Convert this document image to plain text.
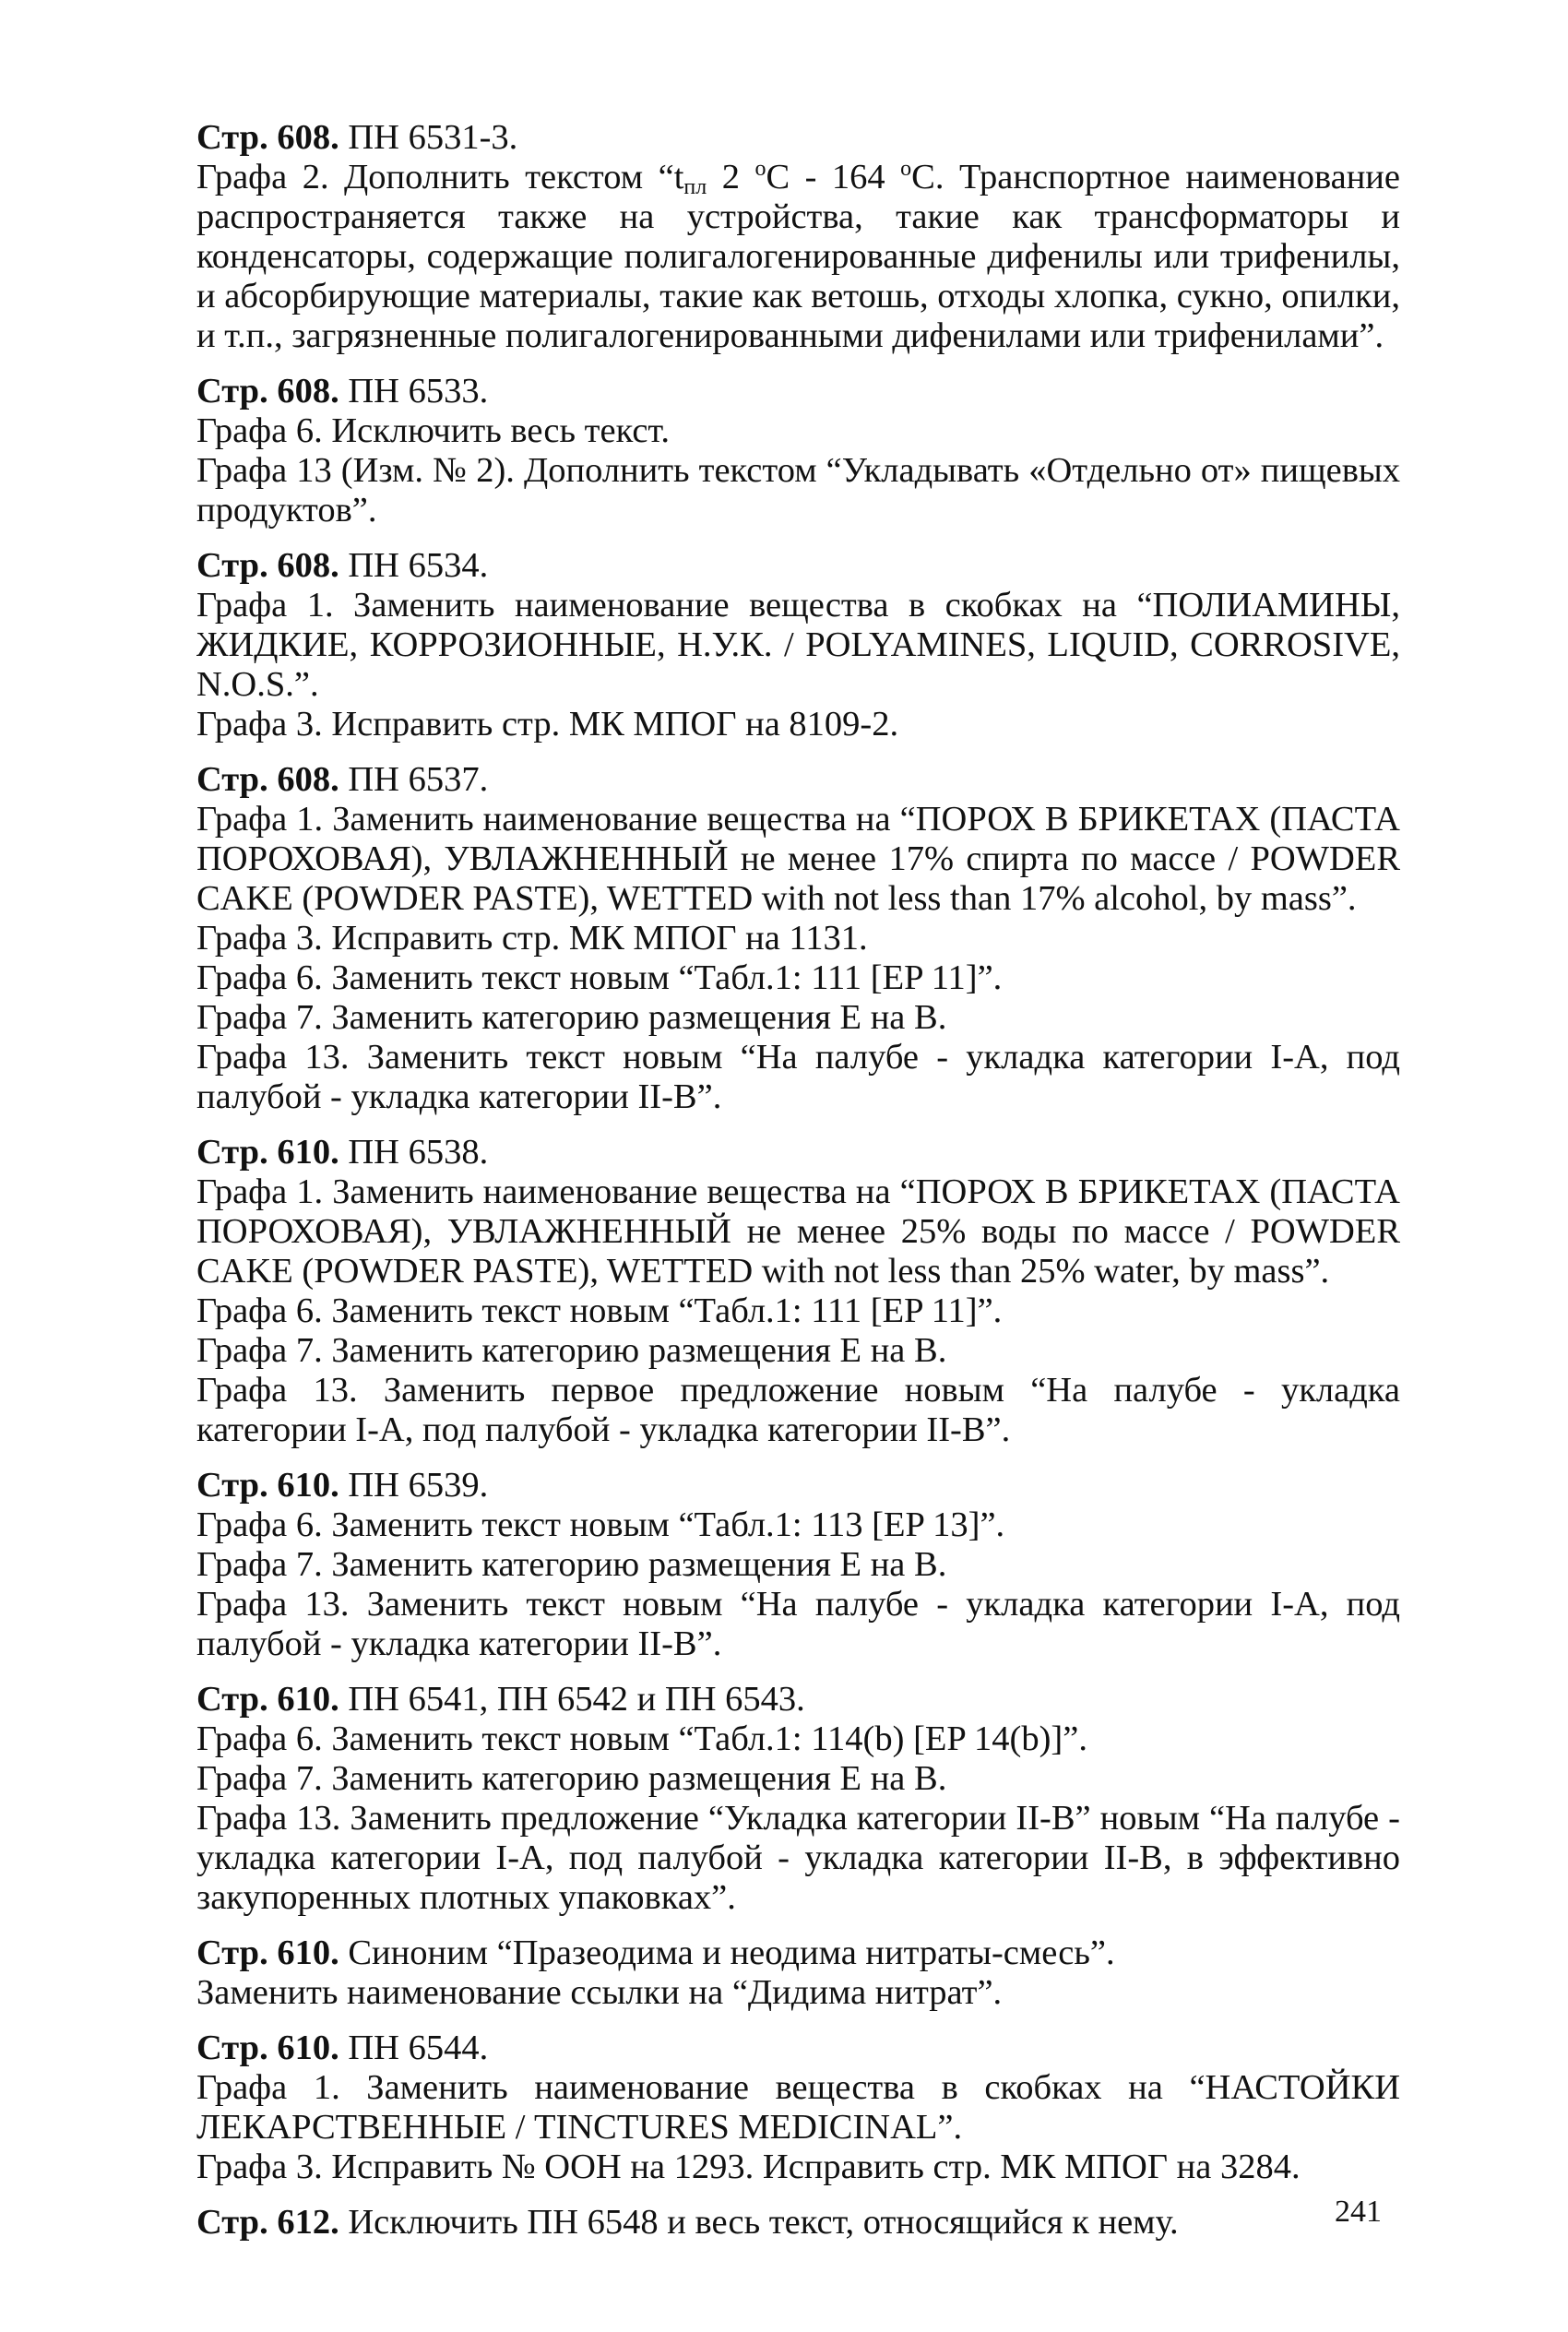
Стр. 608. ПН 6531-3.

Графа 2. Дополнить текстом “$t_{пл}$ 2 $^o$С - 164 $^o$С. Транспортное наименование распространяется также на устройства, такие как трансформаторы и конденсаторы, содержащие полигалогенированные дифенилы или трифенилы, и абсорбирующие материалы, такие как ветошь, отходы хлопка, сукно, опилки, и т.п., загрязненные полигалогенированными дифенилами или трифенилами”.

Стр. 608. ПН 6533.

Графа 6. Исключить весь текст.

Графа 13 (Изм. № 2). Дополнить текстом “Укладывать «Отдельно от» пищевых продуктов”.

Стр. 608. ПН 6534.

Графа 1. Заменить наименование вещества в скобках на “ПОЛИАМИНЫ, ЖИДКИЕ, КОРРОЗИОННЫЕ, Н.У.К. / POLYAMINES, LIQUID, CORROSIVE, N.O.S.”.

Графа 3. Исправить стр. МК МПОГ на 8109-2.

Стр. 608. ПН 6537.

Графа 1. Заменить наименование вещества на “ПОРОХ В БРИКЕТАХ (ПАСТА ПОРОХОВАЯ), УВЛАЖНЕННЫЙ не менее 17% спирта по массе / POWDER CAKE (POWDER PASTE), WETTED with not less than 17% alcohol, by mass”.

Графа 3. Исправить стр. МК МПОГ на 1131.

Графа 6. Заменить текст новым “Табл.1: 111 [EP 11]”.

Графа 7. Заменить категорию размещения Е на В.

Графа 13. Заменить текст новым “На палубе - укладка категории I-A, под палубой - укладка категории II-В”.

Стр. 610. ПН 6538.

Графа 1. Заменить наименование вещества на “ПОРОХ В БРИКЕТАХ (ПАСТА ПОРОХОВАЯ), УВЛАЖНЕННЫЙ не менее 25% воды по массе / POWDER CAKE (POWDER PASTE), WETTED with not less than 25% water, by mass”.

Графа 6. Заменить текст новым “Табл.1: 111 [EP 11]”.

Графа 7. Заменить категорию размещения Е на В.

Графа 13. Заменить первое предложение новым “На палубе - укладка категории I-A, под палубой - укладка категории II-В”.

Стр. 610. ПН 6539.

Графа 6. Заменить текст новым “Табл.1: 113 [EP 13]”.

Графа 7. Заменить категорию размещения Е на В.

Графа 13. Заменить текст новым “На палубе - укладка категории I-A, под палубой - укладка категории II-В”.

Стр. 610. ПН 6541, ПН 6542 и ПН 6543.

Графа 6. Заменить текст новым “Табл.1: 114(b) [EP 14(b)]”.

Графа 7. Заменить категорию размещения Е на В.

Графа 13. Заменить предложение “Укладка категории II-В” новым “На палубе - укладка категории I-A, под палубой - укладка категории II-В, в эффективно закупоренных плотных упаковках”.

Стр. 610. Синоним “Празеодима и неодима нитраты-смесь”.

Заменить наименование ссылки на “Дидима нитрат”.

Стр. 610. ПН 6544.

Графа 1. Заменить наименование вещества в скобках на “НАСТОЙКИ ЛЕКАРСТВЕННЫЕ / TINCTURES MEDICINAL”.

Графа 3. Исправить № ООН на 1293. Исправить стр. МК МПОГ на 3284.

Стр. 612. Исключить ПН 6548 и весь текст, относящийся к нему.	241
